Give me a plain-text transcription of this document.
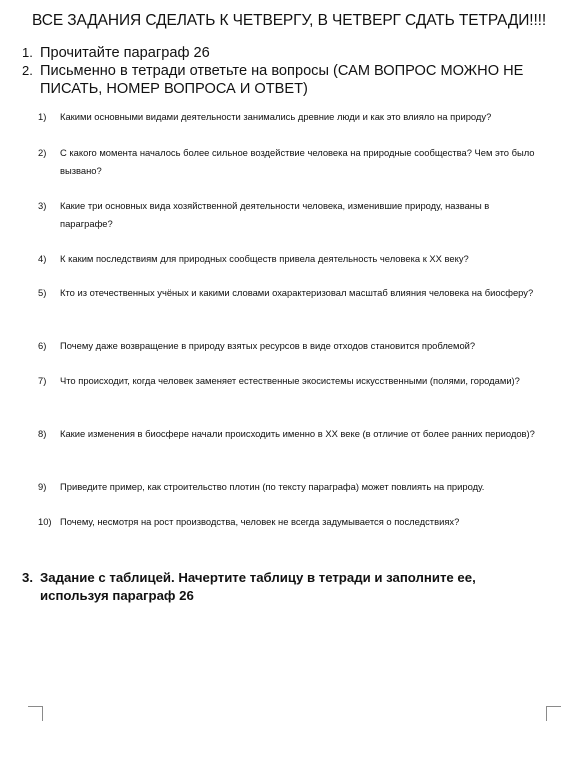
ВСЕ ЗАДАНИЯ СДЕЛАТЬ К ЧЕТВЕРГУ, В ЧЕТВЕРГ СДАТЬ ТЕТРАДИ!!!!
1. Прочитайте параграф 26
2. Письменно в тетради ответьте на вопросы (САМ ВОПРОС МОЖНО НЕ ПИСАТЬ, НОМЕР ВОПРОСА И ОТВЕТ)
1)	Какими основными видами деятельности занимались древние люди и как это влияло на природу?
2)	С какого момента началось более сильное воздействие человека на природные сообщества? Чем это было вызвано?
3)	Какие три основных вида хозяйственной деятельности человека, изменившие природу, названы в параграфе?
4)	К каким последствиям для природных сообществ привела деятельность человека к XX веку?
5)	Кто из отечественных учёных и какими словами охарактеризовал масштаб влияния человека на биосферу?
6)	Почему даже возвращение в природу взятых ресурсов в виде отходов становится проблемой?
7)	Что происходит, когда человек заменяет естественные экосистемы искусственными (полями, городами)?
8)	Какие изменения в биосфере начали происходить именно в XX веке (в отличие от более ранних периодов)?
9)	Приведите пример, как строительство плотин (по тексту параграфа) может повлиять на природу.
10) Почему, несмотря на рост производства, человек не всегда задумывается о последствиях?
3. Задание с таблицей. Начертите таблицу в тетради и заполните ее, используя параграф 26
